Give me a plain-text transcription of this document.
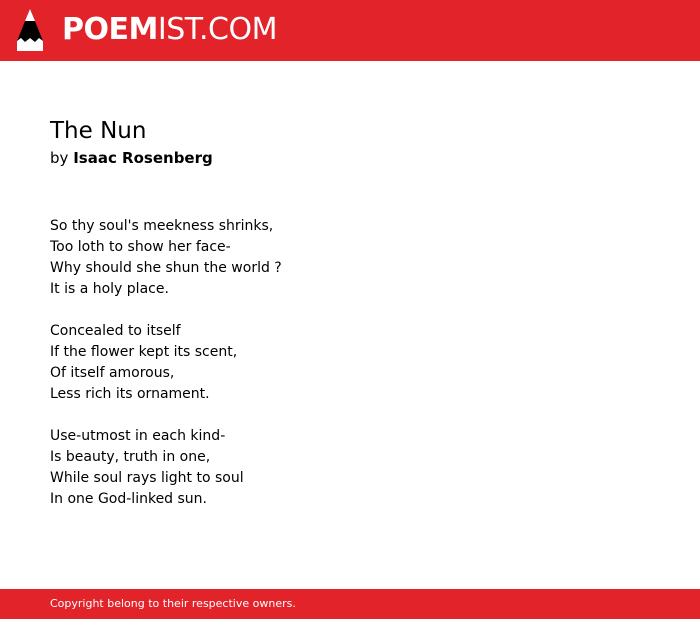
POEMIST.COM
The Nun
by Isaac Rosenberg
So thy soul's meekness shrinks,
Too loth to show her face-
Why should she shun the world ?
It is a holy place.
Concealed to itself
If the flower kept its scent,
Of itself amorous,
Less rich its ornament.
Use-utmost in each kind-
Is beauty, truth in one,
While soul rays light to soul
In one God-linked sun.
Copyright belong to their respective owners.
